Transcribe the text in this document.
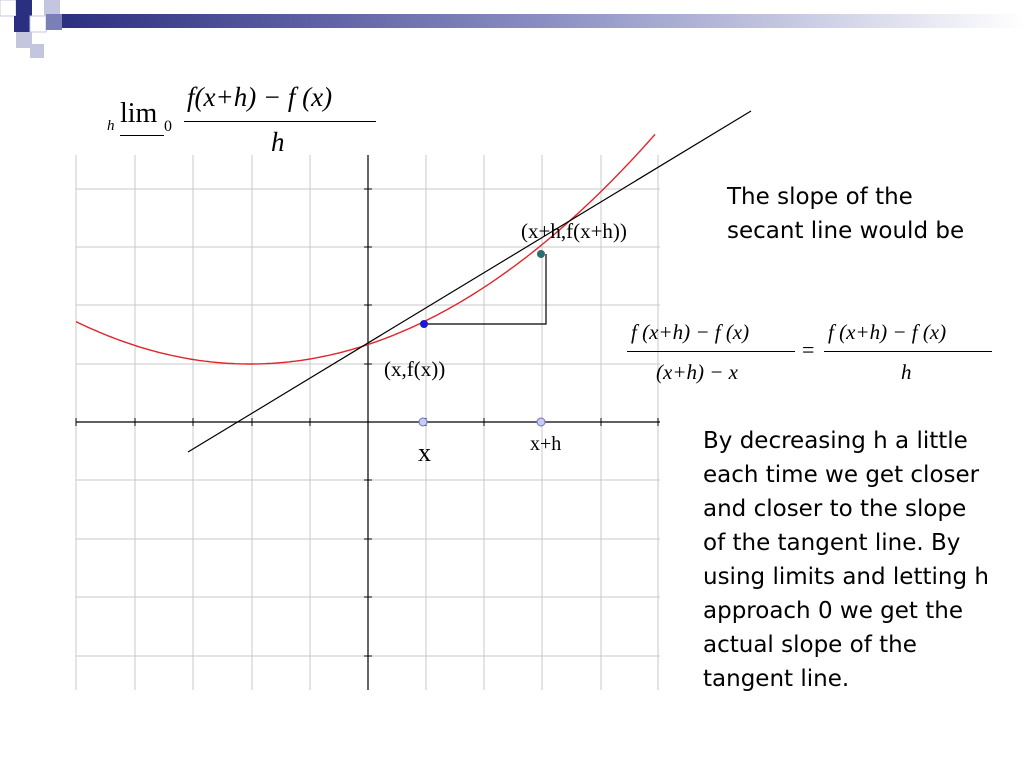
h lim 0
f(x+h) − f (x)
h
(x+h,f(x+h))
(x,f(x))
x	x+h
The slope of the secant line would be
f (x+h) − f (x)
(x+h) − x
=
f (x+h) − f (x)
h
By decreasing h a little each time we get closer and closer to the slope of the tangent line. By using limits and letting h approach 0 we get the actual slope of the tangent line.
